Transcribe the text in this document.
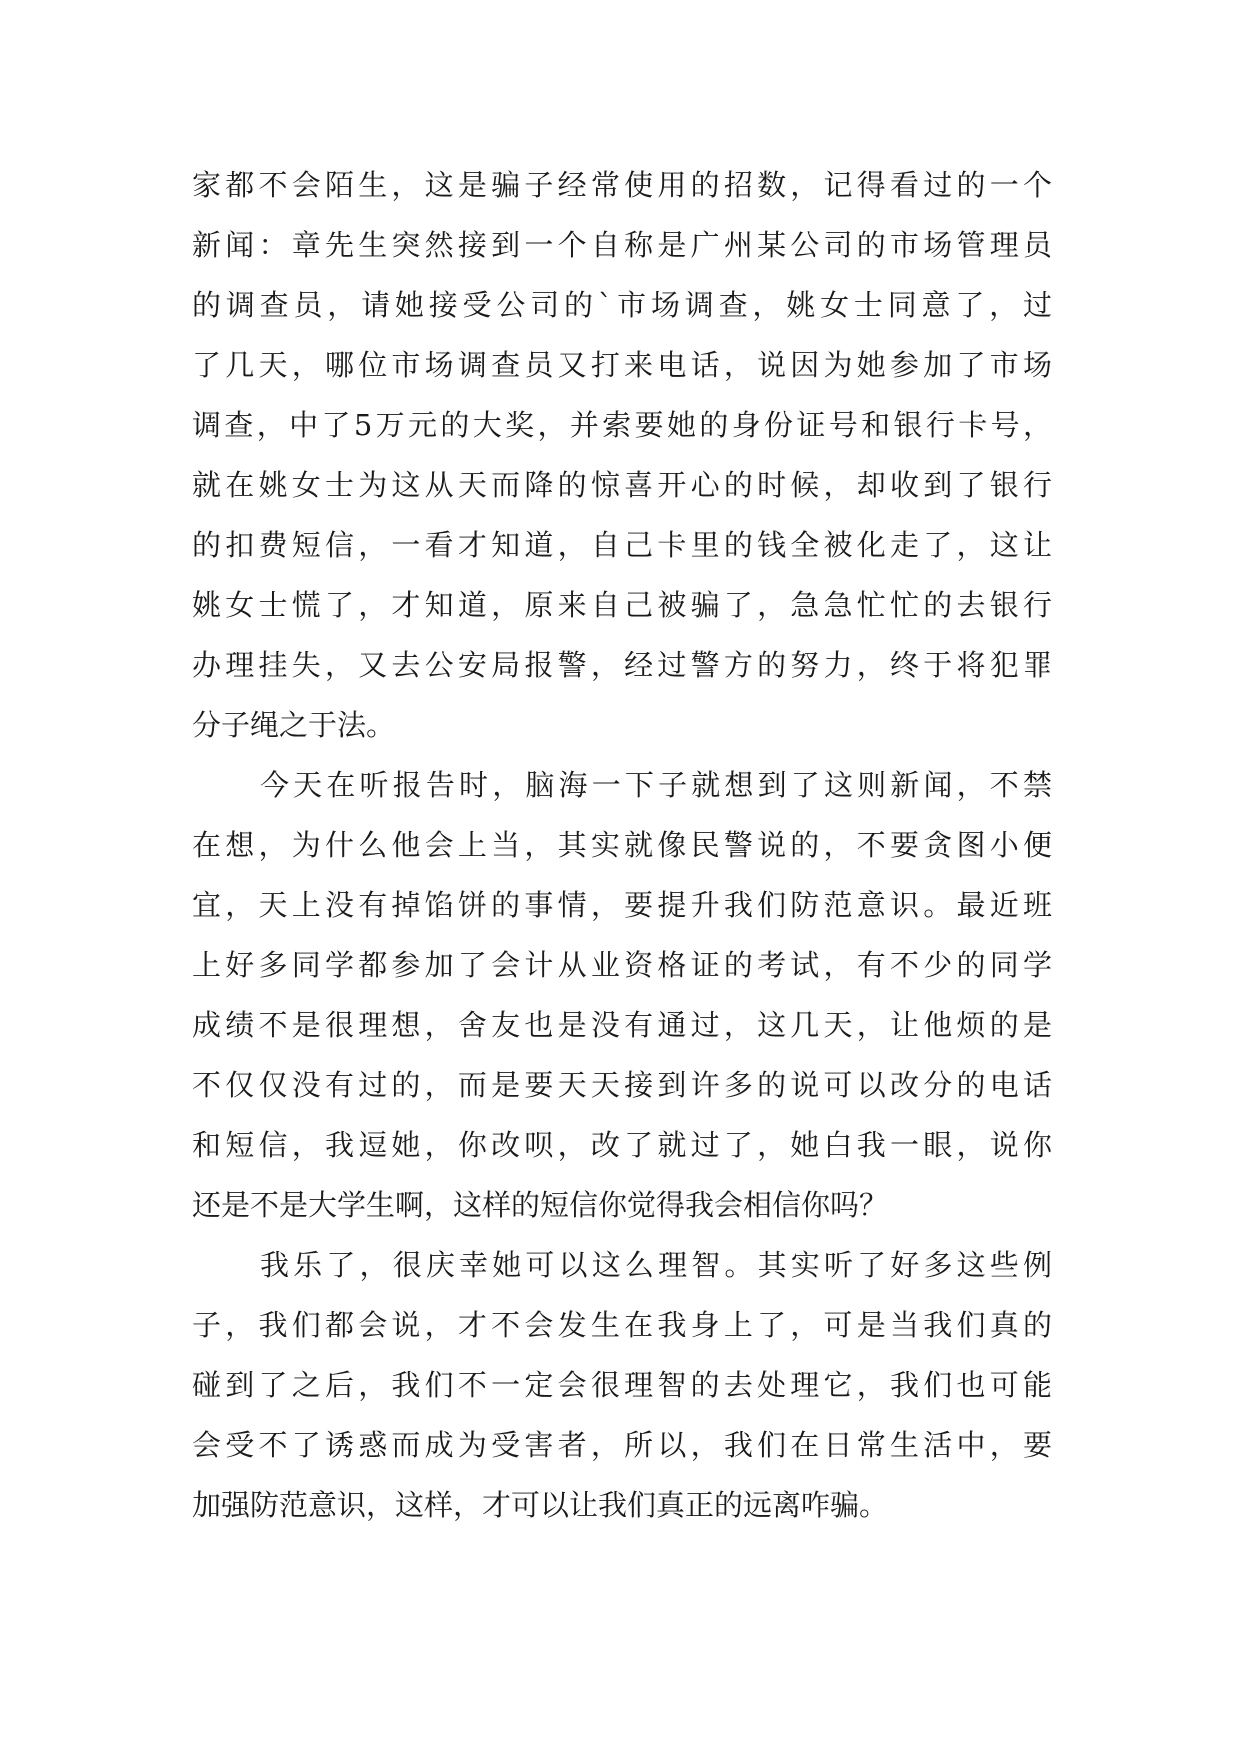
家都不会陌生，这是骗子经常使用的招数，记得看过的一个
新闻：章先生突然接到一个自称是广州某公司的市场管理员
的调查员，请她接受公司的`市场调查，姚女士同意了，过
了几天，哪位市场调查员又打来电话，说因为她参加了市场
调查，中了5万元的大奖，并索要她的身份证号和银行卡号，
就在姚女士为这从天而降的惊喜开心的时候，却收到了银行
的扣费短信，一看才知道，自己卡里的钱全被化走了，这让
姚女士慌了，才知道，原来自己被骗了，急急忙忙的去银行
办理挂失，又去公安局报警，经过警方的努力，终于将犯罪
分子绳之于法。
今天在听报告时，脑海一下子就想到了这则新闻，不禁
在想，为什么他会上当，其实就像民警说的，不要贪图小便
宜，天上没有掉馅饼的事情，要提升我们防范意识。最近班
上好多同学都参加了会计从业资格证的考试，有不少的同学
成绩不是很理想，舍友也是没有通过，这几天，让他烦的是
不仅仅没有过的，而是要天天接到许多的说可以改分的电话
和短信，我逗她，你改呗，改了就过了，她白我一眼，说你
还是不是大学生啊，这样的短信你觉得我会相信你吗？
我乐了，很庆幸她可以这么理智。其实听了好多这些例
子，我们都会说，才不会发生在我身上了，可是当我们真的
碰到了之后，我们不一定会很理智的去处理它，我们也可能
会受不了诱惑而成为受害者，所以，我们在日常生活中，要
加强防范意识，这样，才可以让我们真正的远离咋骗。
